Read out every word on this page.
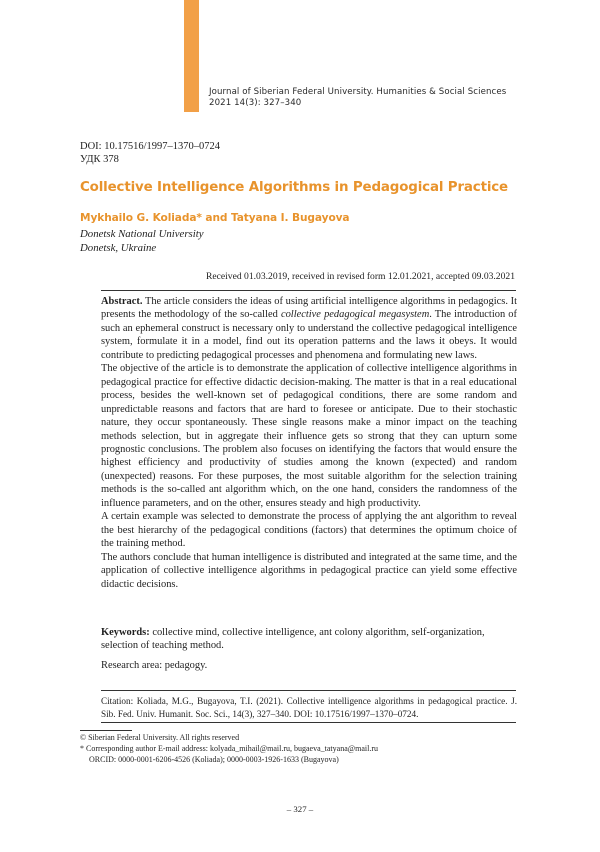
Journal of Siberian Federal University. Humanities & Social Sciences
2021 14(3): 327–340
DOI: 10.17516/1997–1370–0724
УДК 378
Collective Intelligence Algorithms in Pedagogical Practice
Mykhailo G. Koliada* and Tatyana I. Bugayova
Donetsk National University
Donetsk, Ukraine
Received 01.03.2019, received in revised form 12.01.2021, accepted 09.03.2021

Abstract. The article considers the ideas of using artificial intelligence algorithms in pedagogics. It presents the methodology of the so-called collective pedagogical megasystem. The introduction of such an ephemeral construct is necessary only to understand the collective pedagogical intelligence system, formulate it in a model, find out its operation patterns and the laws it obeys. It would contribute to predicting pedagogical processes and phenomena and formulating new laws.

The objective of the article is to demonstrate the application of collective intelligence algorithms in pedagogical practice for effective didactic decision-making. The matter is that in a real educational process, besides the well-known set of pedagogical conditions, there are some random and unpredictable reasons and factors that are hard to foresee or anticipate. Due to their stochastic nature, they occur spontaneously. These single reasons make a minor impact on the teaching methods selection, but in aggregate their influence gets so strong that they can upturn some prognostic conclusions. The problem also focuses on identifying the factors that would ensure the highest efficiency and productivity of studies among the known (expected) and random (unexpected) reasons. For these purposes, the most suitable algorithm for the selection training methods is the so-called ant algorithm which, on the one hand, considers the randomness of the influence parameters, and on the other, ensures steady and high productivity.

A certain example was selected to demonstrate the process of applying the ant algorithm to reveal the best hierarchy of the pedagogical conditions (factors) that determines the optimum choice of the training method.

The authors conclude that human intelligence is distributed and integrated at the same time, and the application of collective intelligence algorithms in pedagogical practice can yield some effective didactic decisions.

Keywords: collective mind, collective intelligence, ant colony algorithm, self-organization, selection of teaching method.
Research area: pedagogy.
Citation: Koliada, M.G., Bugayova, T.I. (2021). Collective intelligence algorithms in pedagogical practice. J. Sib. Fed. Univ. Humanit. Soc. Sci., 14(3), 327–340. DOI: 10.17516/1997–1370–0724.
© Siberian Federal University. All rights reserved
* Corresponding author E-mail address: kolyada_mihail@mail.ru, bugaeva_tatyana@mail.ru
ORCID: 0000-0001-6206-4526 (Koliada); 0000-0003-1926-1633 (Bugayova)
– 327 –
